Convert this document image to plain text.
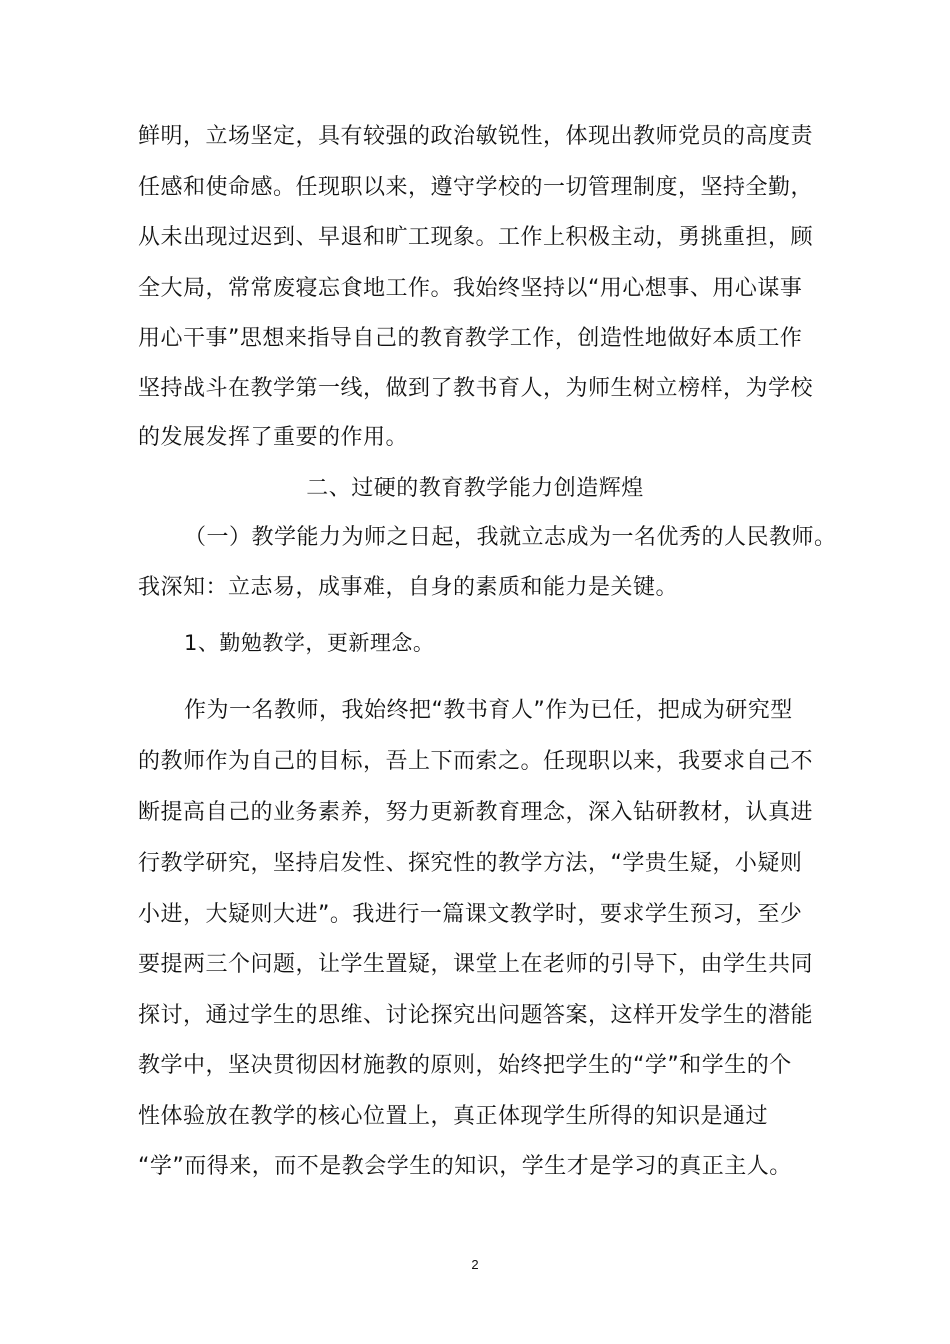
鲜明，立场坚定，具有较强的政治敏锐性，体现出教师党员的高度责
任感和使命感。任现职以来，遵守学校的一切管理制度，坚持全勤，
从未出现过迟到、早退和旷工现象。工作上积极主动，勇挑重担，顾
全大局，常常废寝忘食地工作。我始终坚持以“用心想事、用心谋事
用心干事”思想来指导自己的教育教学工作，创造性地做好本质工作
坚持战斗在教学第一线，做到了教书育人，为师生树立榜样，为学校
的发展发挥了重要的作用。
二、过硬的教育教学能力创造辉煌
（一）教学能力为师之日起，我就立志成为一名优秀的人民教师。
我深知：立志易，成事难，自身的素质和能力是关键。
1、勤勉教学，更新理念。
作为一名教师，我始终把“教书育人”作为已任，把成为研究型
的教师作为自己的目标，吾上下而索之。任现职以来，我要求自己不
断提高自己的业务素养，努力更新教育理念，深入钻研教材，认真进
行教学研究，坚持启发性、探究性的教学方法，“学贵生疑，小疑则
小进，大疑则大进”。我进行一篇课文教学时，要求学生预习，至少
要提两三个问题，让学生置疑，课堂上在老师的引导下，由学生共同
探讨，通过学生的思维、讨论探究出问题答案，这样开发学生的潜能
教学中，坚决贯彻因材施教的原则，始终把学生的“学”和学生的个
性体验放在教学的核心位置上，真正体现学生所得的知识是通过
“学”而得来，而不是教会学生的知识，学生才是学习的真正主人。
2
